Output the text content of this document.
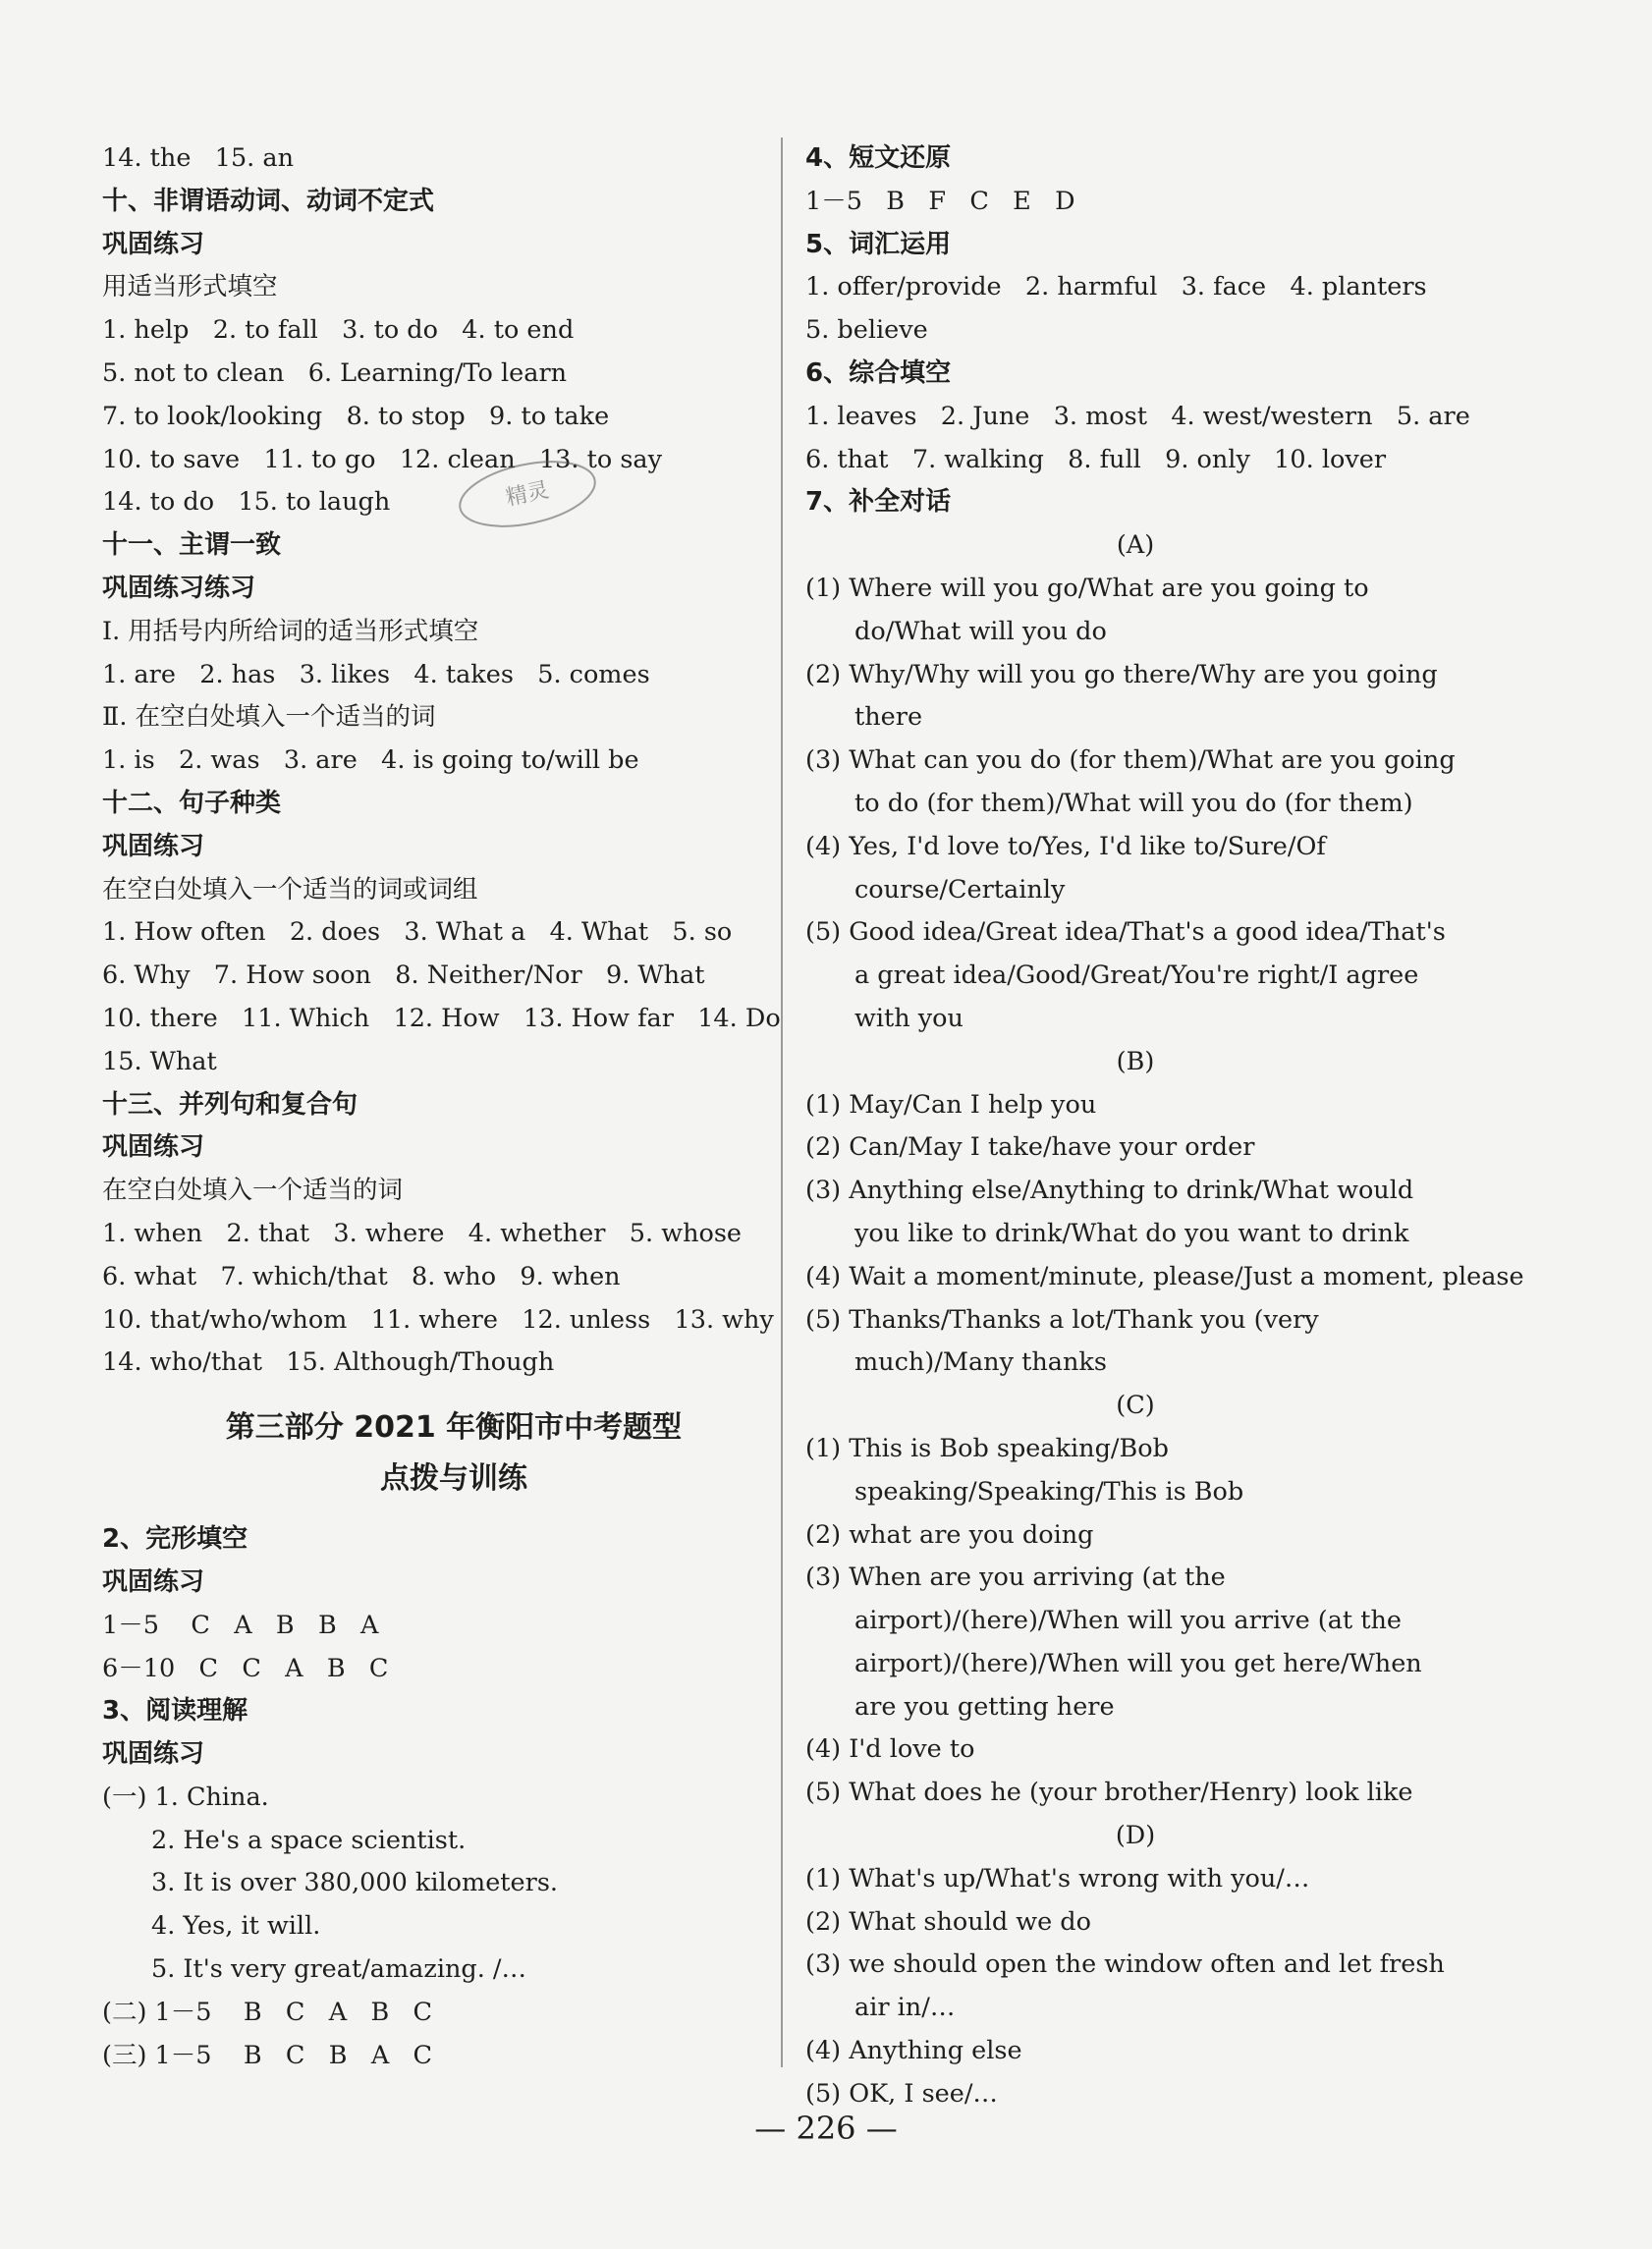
14. the   15. an
十、非谓语动词、动词不定式
巩固练习
用适当形式填空
1. help   2. to fall   3. to do   4. to end
5. not to clean   6. Learning/To learn
7. to look/looking   8. to stop   9. to take
10. to save   11. to go   12. clean   13. to say
14. to do   15. to laugh
十一、主谓一致
巩固练习练习
Ⅰ. 用括号内所给词的适当形式填空
1. are   2. has   3. likes   4. takes   5. comes
Ⅱ. 在空白处填入一个适当的词
1. is   2. was   3. are   4. is going to/will be
十二、句子种类
巩固练习
在空白处填入一个适当的词或词组
1. How often   2. does   3. What a   4. What   5. so
6. Why   7. How soon   8. Neither/Nor   9. What
10. there   11. Which   12. How   13. How far   14. Do
15. What
十三、并列句和复合句
巩固练习
在空白处填入一个适当的词
1. when   2. that   3. where   4. whether   5. whose
6. what   7. which/that   8. who   9. when
10. that/who/whom   11. where   12. unless   13. why
14. who/that   15. Although/Though
第三部分 2021 年衡阳市中考题型
点拨与训练
2、完形填空
巩固练习
1－5    C   A   B   B   A
6－10   C   C   A   B   C
3、阅读理解
巩固练习
(一) 1. China.
2. He's a space scientist.
3. It is over 380,000 kilometers.
4. Yes, it will.
5. It's very great/amazing. /…
(二) 1－5    B   C   A   B   C
(三) 1－5    B   C   B   A   C
4、短文还原
1－5   B   F   C   E   D
5、词汇运用
1. offer/provide   2. harmful   3. face   4. planters
5. believe
6、综合填空
1. leaves   2. June   3. most   4. west/western   5. are
6. that   7. walking   8. full   9. only   10. lover
7、补全对话
(A)
(1) Where will you go/What are you going to do/What will you do
(2) Why/Why will you go there/Why are you going there
(3) What can you do (for them)/What are you going to do (for them)/What will you do (for them)
(4) Yes, I'd love to/Yes, I'd like to/Sure/Of course/Certainly
(5) Good idea/Great idea/That's a good idea/That's a great idea/Good/Great/You're right/I agree with you
(B)
(1) May/Can I help you
(2) Can/May I take/have your order
(3) Anything else/Anything to drink/What would you like to drink/What do you want to drink
(4) Wait a moment/minute, please/Just a moment, please
(5) Thanks/Thanks a lot/Thank you (very much)/Many thanks
(C)
(1) This is Bob speaking/Bob speaking/Speaking/This is Bob
(2) what are you doing
(3) When are you arriving (at the airport)/(here)/When will you arrive (at the airport)/(here)/When will you get here/When are you getting here
(4) I'd love to
(5) What does he (your brother/Henry) look like
(D)
(1) What's up/What's wrong with you/…
(2) What should we do
(3) we should open the window often and let fresh air in/…
(4) Anything else
(5) OK, I see/…
精灵
— 226 —
